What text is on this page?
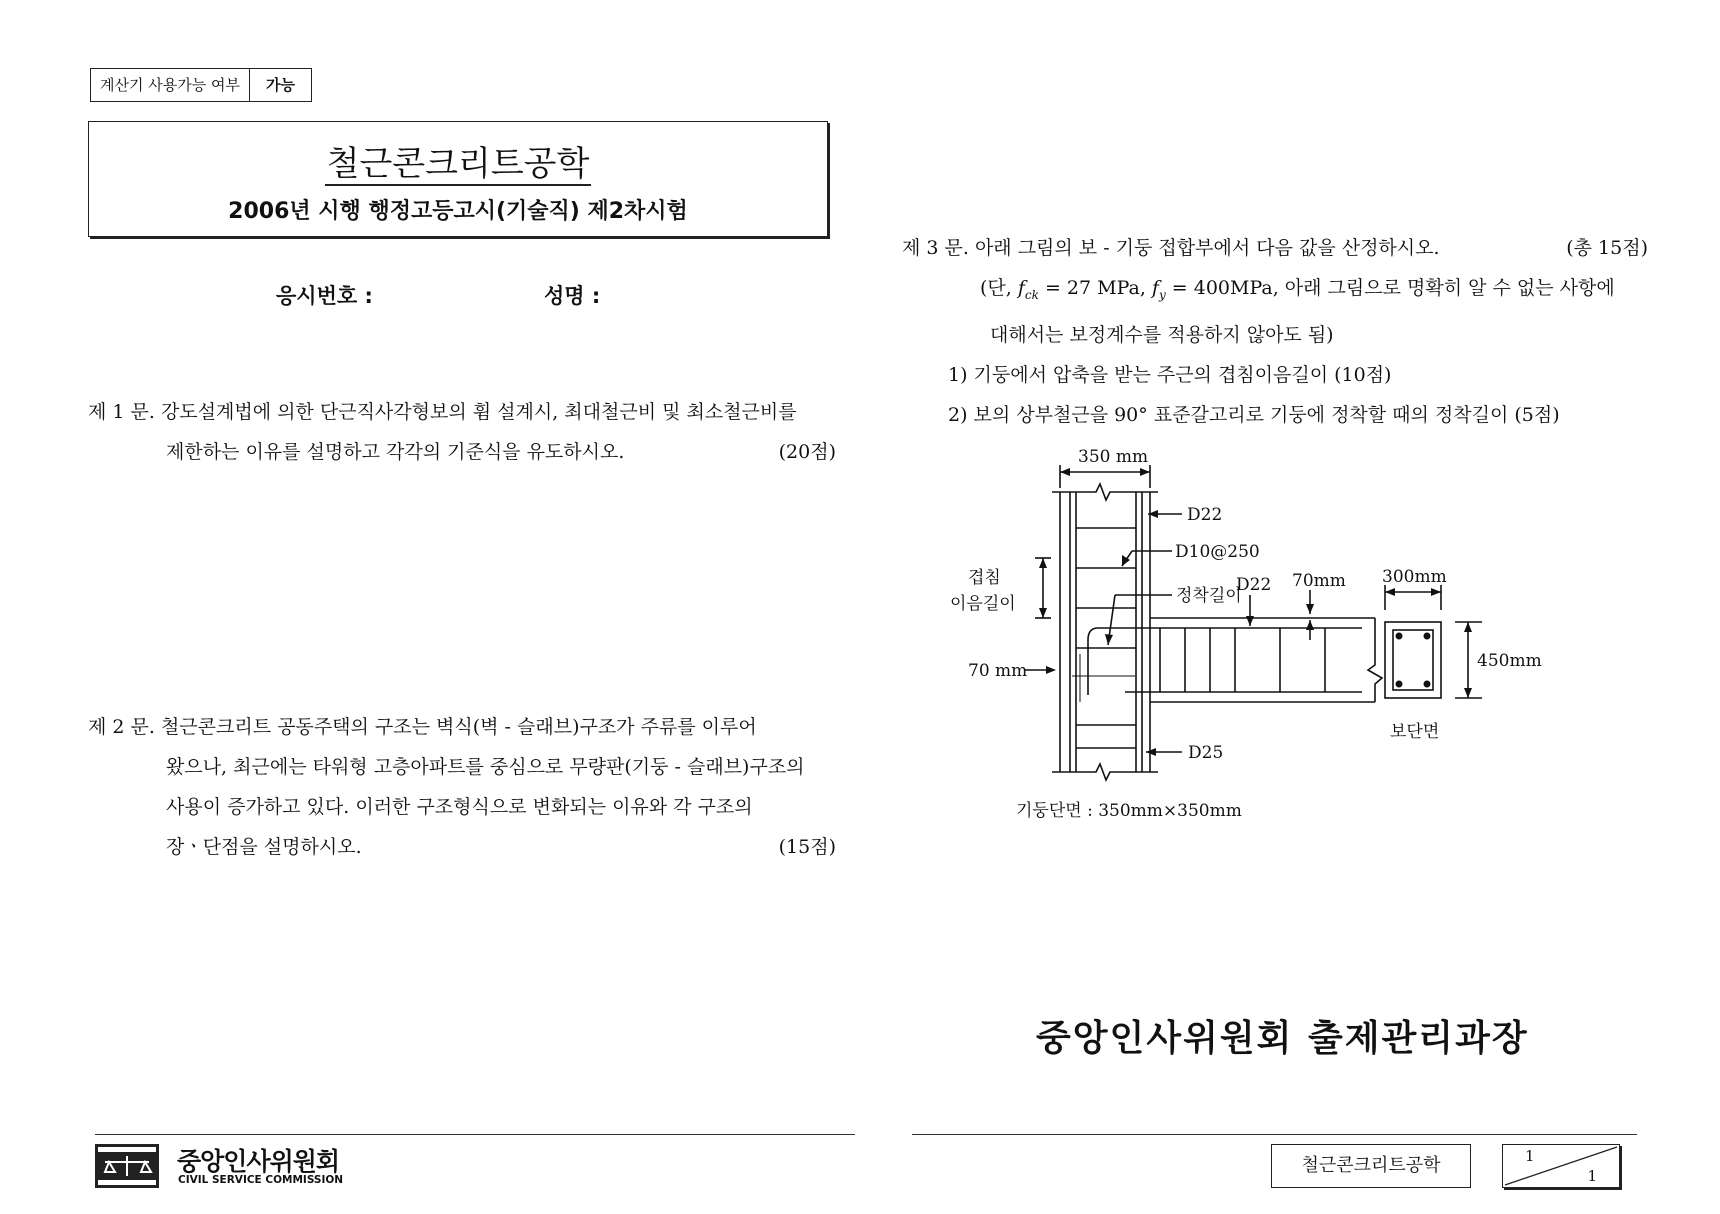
계산기 사용가능 여부	가능
철근콘크리트공학
2006년 시행 행정고등고시(기술직) 제2차시험
응시번호 :	성명 :
제 1 문. 강도설계법에 의한 단근직사각형보의 휨 설계시, 최대철근비 및 최소철근비를
제한하는 이유를 설명하고 각각의 기준식을 유도하시오.	(20점)
제 2 문. 철근콘크리트 공동주택의 구조는 벽식(벽 - 슬래브)구조가 주류를 이루어
왔으나, 최근에는 타워형 고층아파트를 중심으로 무량판(기둥 - 슬래브)구조의
사용이 증가하고 있다. 이러한 구조형식으로 변화되는 이유와 각 구조의
장ㆍ단점을 설명하시오.	(15점)
제 3 문. 아래 그림의 보 - 기둥 접합부에서 다음 값을 산정하시오.	(총 15점)
(단, $f_{ck} = 27$ MPa, $f_y = 400MPa$, 아래 그림으로 명확히 알 수 없는 사항에
대해서는 보정계수를 적용하지 않아도 됨)
1) 기둥에서 압축을 받는 주근의 겹침이음길이 (10점)
2) 보의 상부철근을 90° 표준갈고리로 기둥에 정착할 때의 정착길이 (5점)
350 mm
D22
D10@250
겹침
이음길이	정착길이
D22 70mm
70 mm
D25
300mm
450mm
보단면
기둥단면 : 350mm×350mm
중앙인사위원회 출제관리과장
중앙인사위원회
CIVIL SERVICE COMMISSION
철근콘크리트공학	1
1
